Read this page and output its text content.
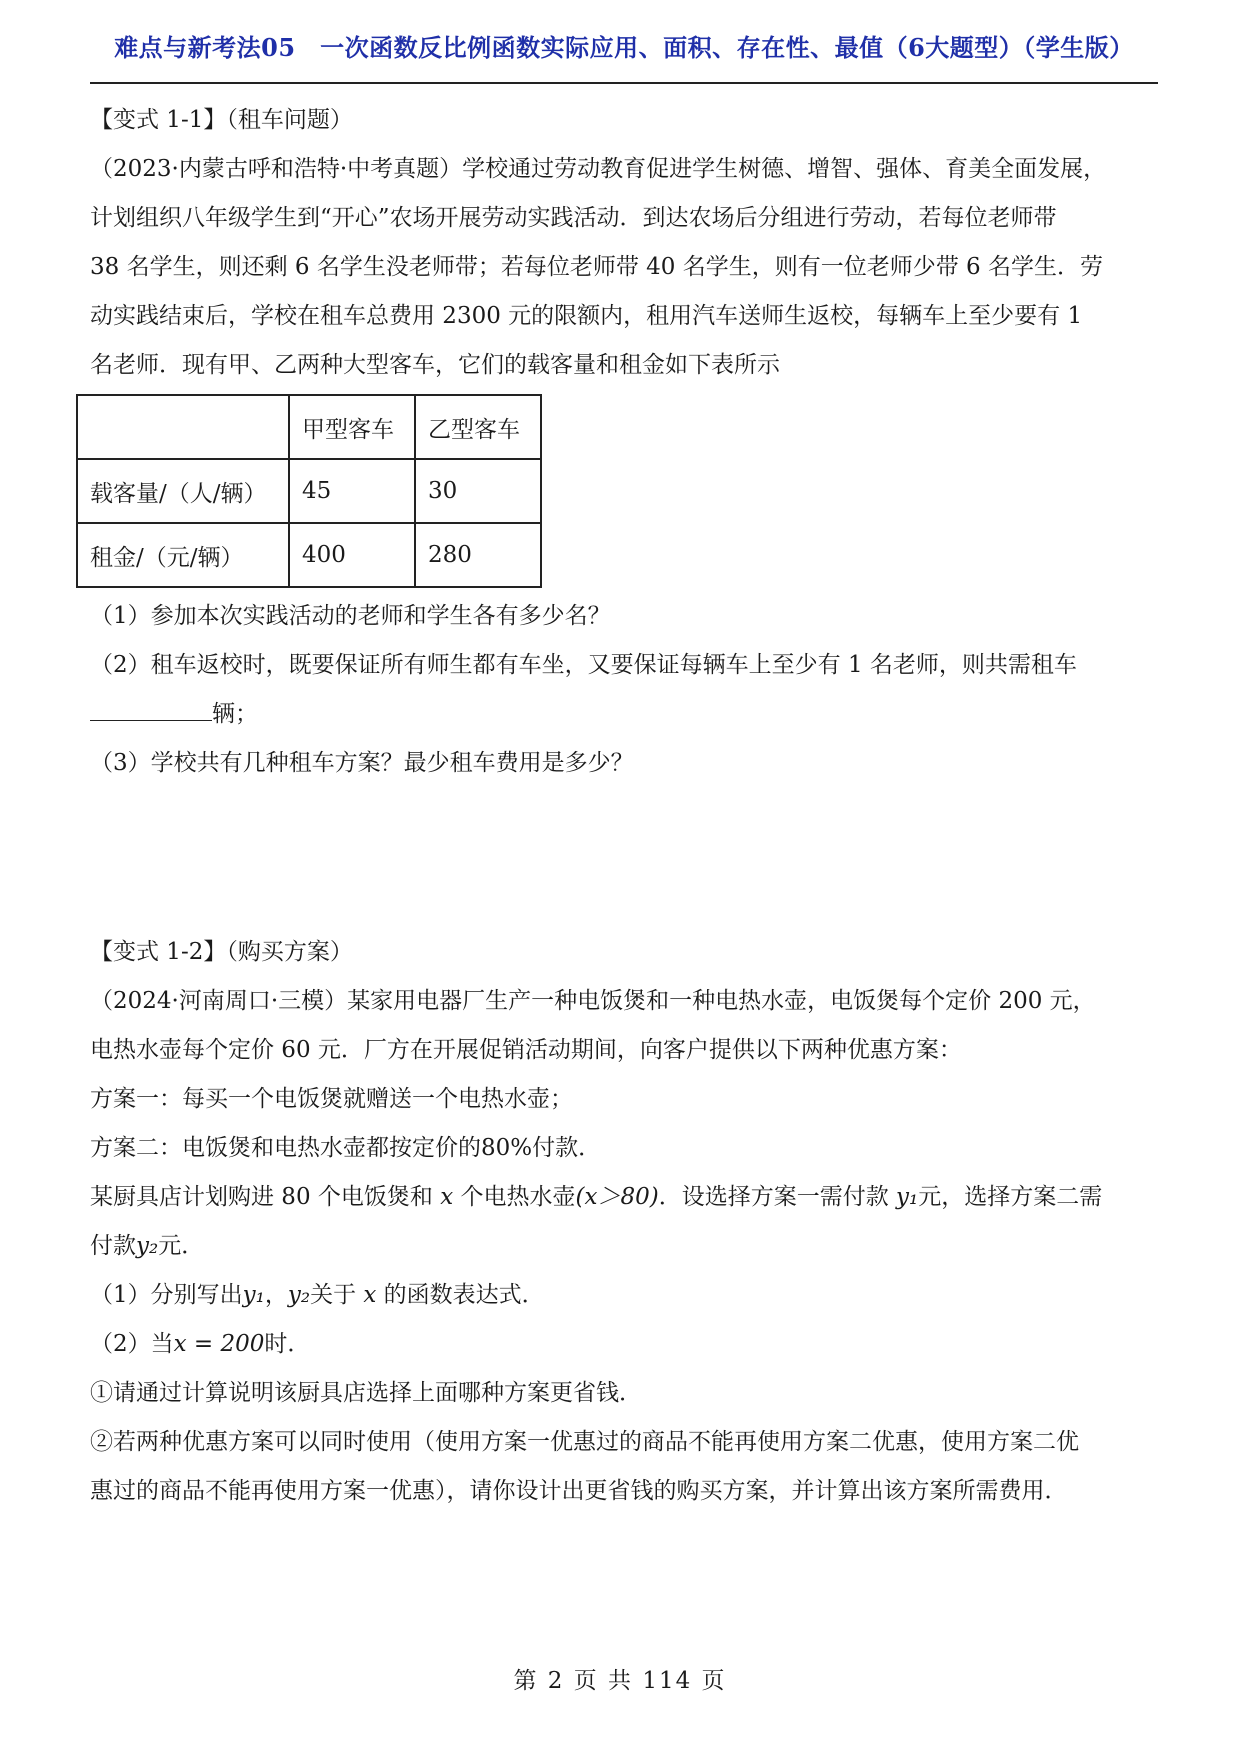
难点与新考法05　一次函数反比例函数实际应用、面积、存在性、最值（6大题型）（学生版）
【变式 1-1】（租车问题）
（2023·内蒙古呼和浩特·中考真题）学校通过劳动教育促进学生树德、增智、强体、育美全面发展，
计划组织八年级学生到“开心”农场开展劳动实践活动．到达农场后分组进行劳动，若每位老师带
38 名学生，则还剩 6 名学生没老师带；若每位老师带 40 名学生，则有一位老师少带 6 名学生．劳
动实践结束后，学校在租车总费用 2300 元的限额内，租用汽车送师生返校，每辆车上至少要有 1
名老师．现有甲、乙两种大型客车，它们的载客量和租金如下表所示
	甲型客车	乙型客车
载客量/（人/辆）	45	30
租金/（元/辆）	400	280
（1）参加本次实践活动的老师和学生各有多少名？
（2）租车返校时，既要保证所有师生都有车坐，又要保证每辆车上至少有 1 名老师，则共需租车
辆；
（3）学校共有几种租车方案？最少租车费用是多少？
【变式 1-2】（购买方案）
（2024·河南周口·三模）某家用电器厂生产一种电饭煲和一种电热水壶，电饭煲每个定价 200 元，
电热水壶每个定价 60 元．厂方在开展促销活动期间，向客户提供以下两种优惠方案：
方案一：每买一个电饭煲就赠送一个电热水壶；
方案二：电饭煲和电热水壶都按定价的80%付款．
某厨具店计划购进 80 个电饭煲和 x 个电热水壶(x＞80)．设选择方案一需付款 y₁元，选择方案二需
付款y₂元．
（1）分别写出y₁，y₂关于 x 的函数表达式．
（2）当x = 200时．
①请通过计算说明该厨具店选择上面哪种方案更省钱．
②若两种优惠方案可以同时使用（使用方案一优惠过的商品不能再使用方案二优惠，使用方案二优
惠过的商品不能再使用方案一优惠），请你设计出更省钱的购买方案，并计算出该方案所需费用．
第 2 页 共 114 页
